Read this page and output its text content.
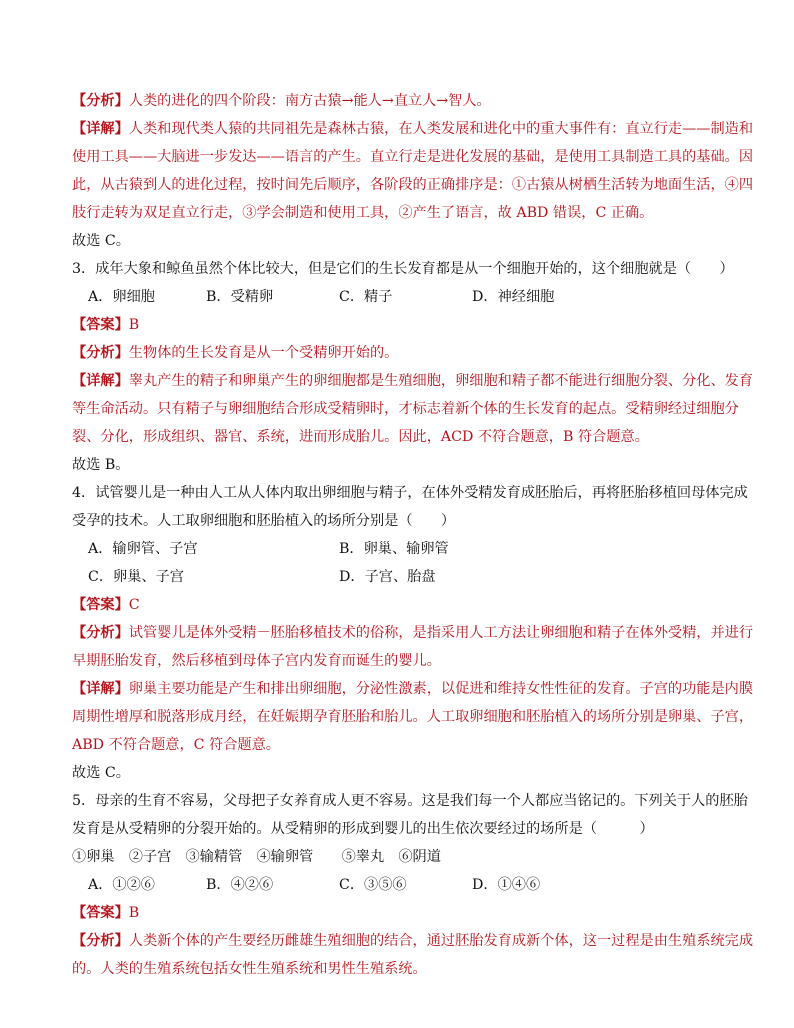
【分析】人类的进化的四个阶段：南方古猿→能人→直立人→智人。
【详解】人类和现代类人猿的共同祖先是森林古猿，在人类发展和进化中的重大事件有：直立行走——制造和
使用工具——大脑进一步发达——语言的产生。直立行走是进化发展的基础，是使用工具制造工具的基础。因
此，从古猿到人的进化过程，按时间先后顺序，各阶段的正确排序是：①古猿从树栖生活转为地面生活，④四
肢行走转为双足直立行走，③学会制造和使用工具，②产生了语言，故 ABD 错误，C 正确。
故选 C。
3．成年大象和鲸鱼虽然个体比较大，但是它们的生长发育都是从一个细胞开始的，这个细胞就是（　　）
A．卵细胞	B．受精卵	C．精子	D．神经细胞
【答案】B
【分析】生物体的生长发育是从一个受精卵开始的。
【详解】睾丸产生的精子和卵巢产生的卵细胞都是生殖细胞，卵细胞和精子都不能进行细胞分裂、分化、发育
等生命活动。只有精子与卵细胞结合形成受精卵时，才标志着新个体的生长发育的起点。受精卵经过细胞分
裂、分化，形成组织、器官、系统，进而形成胎儿。因此，ACD 不符合题意，B 符合题意。
故选 B。
4．试管婴儿是一种由人工从人体内取出卵细胞与精子，在体外受精发育成胚胎后，再将胚胎移植回母体完成
受孕的技术。人工取卵细胞和胚胎植入的场所分别是（　　）
A．输卵管、子宫	B．卵巢、输卵管
C．卵巢、子宫	D．子宫、胎盘
【答案】C
【分析】试管婴儿是体外受精－胚胎移植技术的俗称，是指采用人工方法让卵细胞和精子在体外受精，并进行
早期胚胎发育，然后移植到母体子宫内发育而诞生的婴儿。
【详解】卵巢主要功能是产生和排出卵细胞，分泌性激素，以促进和维持女性性征的发育。子宫的功能是内膜
周期性增厚和脱落形成月经，在妊娠期孕育胚胎和胎儿。人工取卵细胞和胚胎植入的场所分别是卵巢、子宫，
ABD 不符合题意，C 符合题意。
故选 C。
5．母亲的生育不容易，父母把子女养育成人更不容易。这是我们每一个人都应当铭记的。下列关于人的胚胎
发育是从受精卵的分裂开始的。从受精卵的形成到婴儿的出生依次要经过的场所是（　　　）
①卵巢　②子宫　③输精管　④输卵管　　⑤睾丸　⑥阴道
A．①②⑥	B．④②⑥	C．③⑤⑥	D．①④⑥
【答案】B
【分析】人类新个体的产生要经历雌雄生殖细胞的结合，通过胚胎发育成新个体，这一过程是由生殖系统完成
的。人类的生殖系统包括女性生殖系统和男性生殖系统。
